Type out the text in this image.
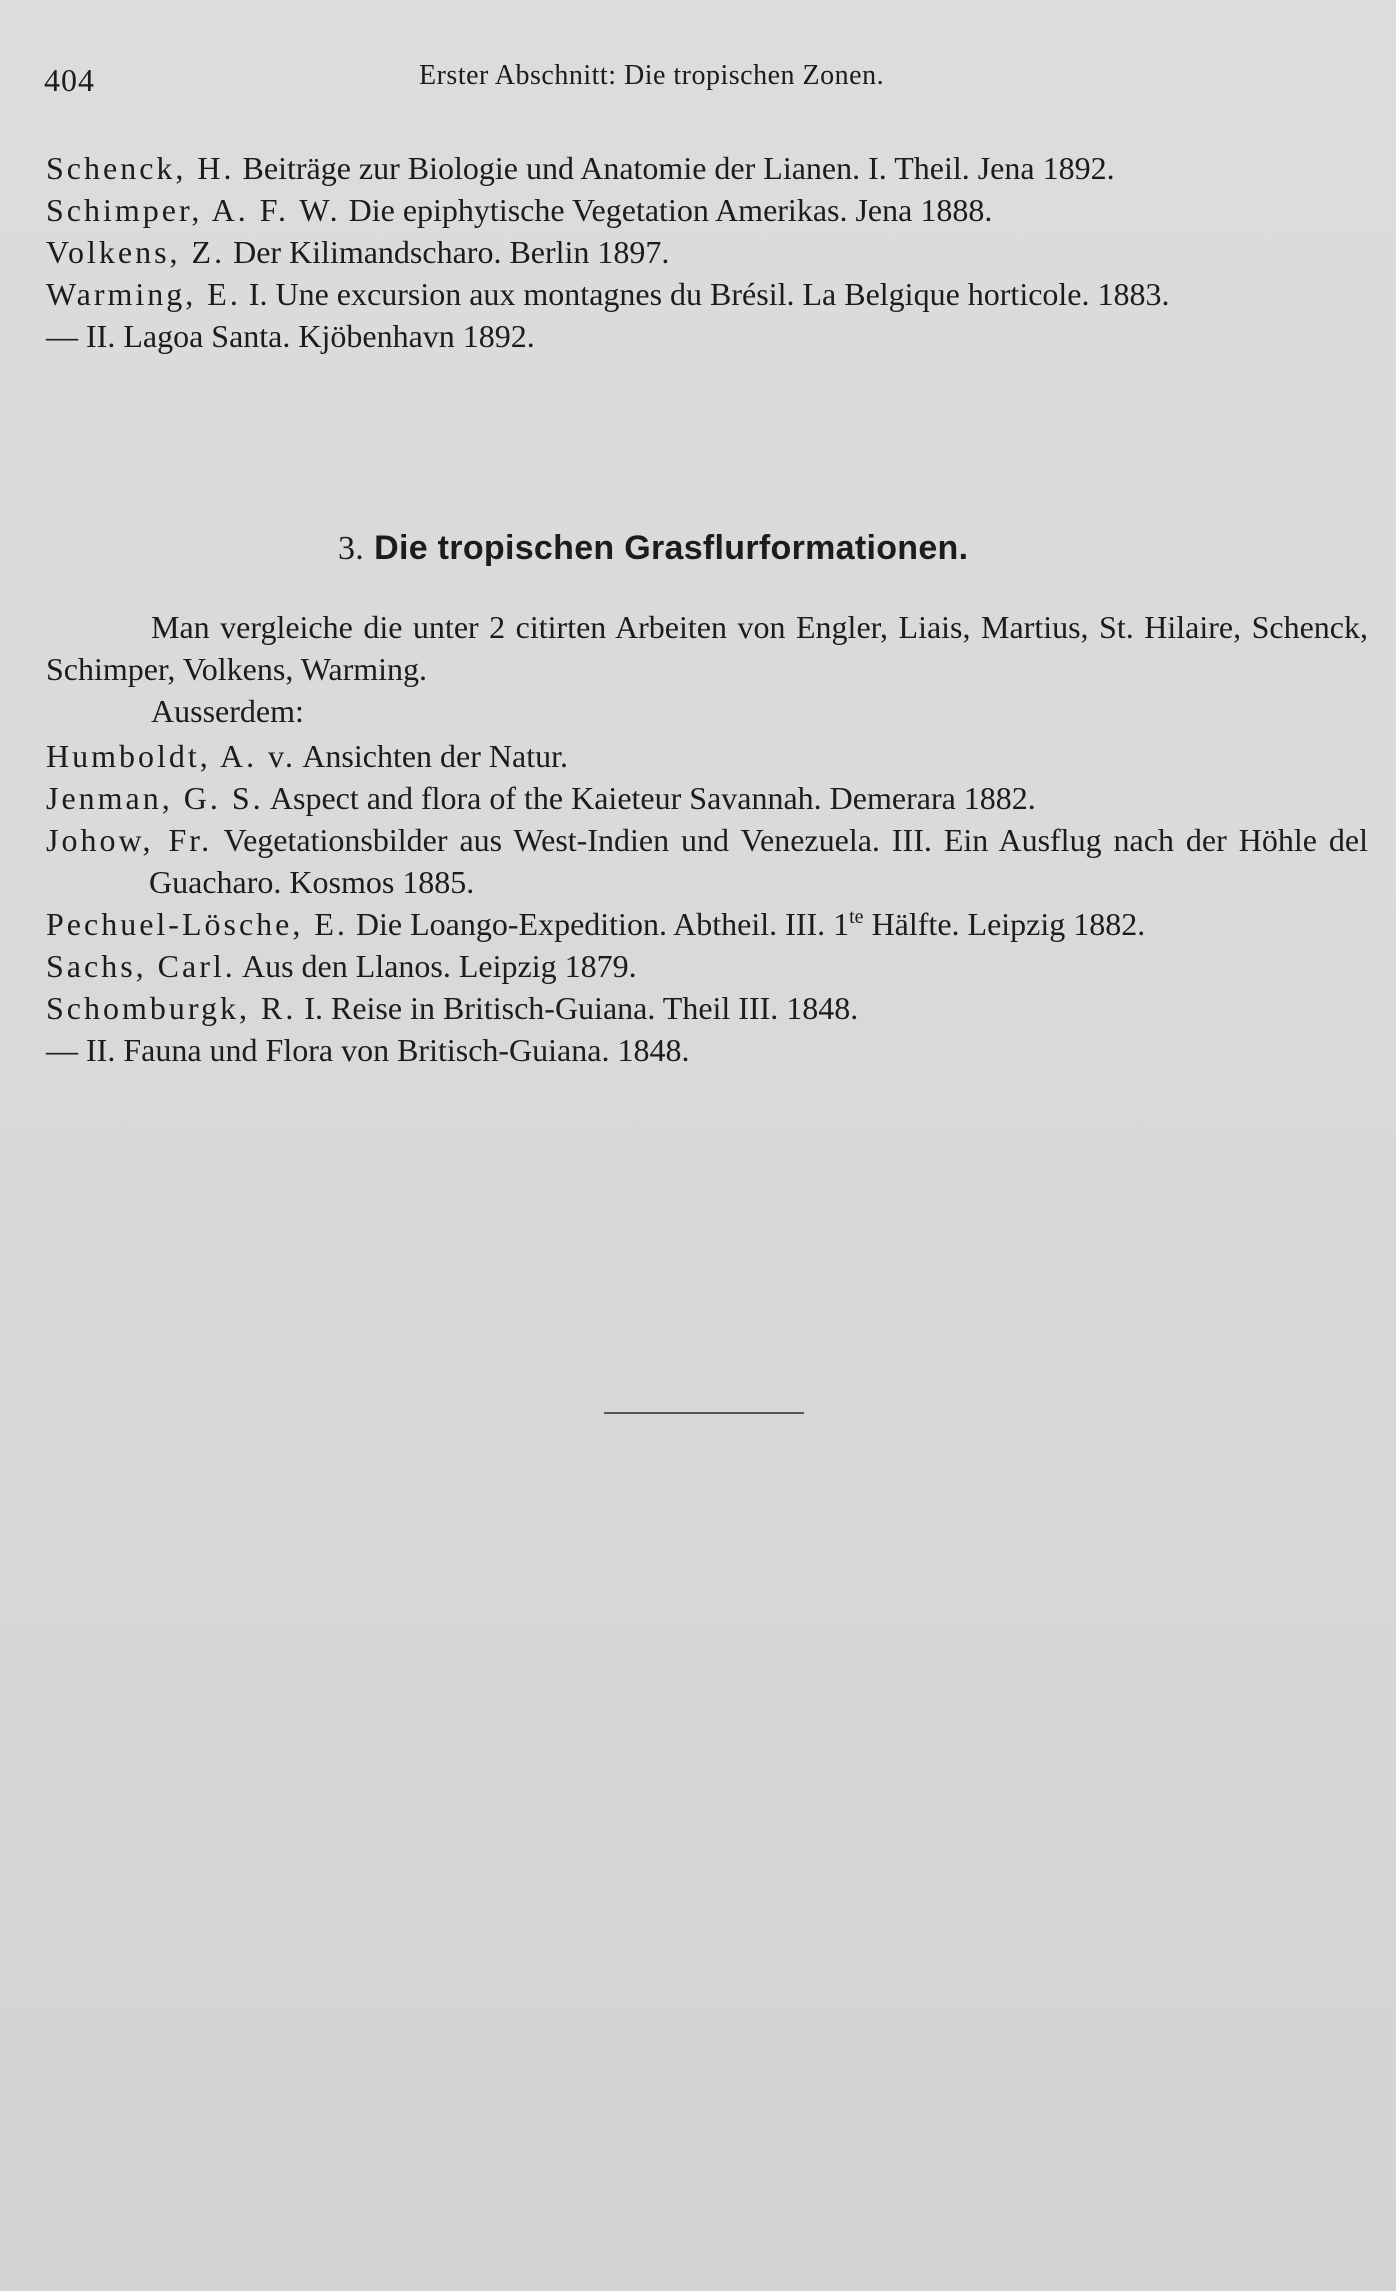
404	Erster Abschnitt: Die tropischen Zonen.
Schenck, H. Beiträge zur Biologie und Anatomie der Lianen. I. Theil. Jena 1892.
Schimper, A. F. W. Die epiphytische Vegetation Amerikas. Jena 1888.
Volkens, Z. Der Kilimandscharo. Berlin 1897.
Warming, E. I. Une excursion aux montagnes du Brésil. La Belgique horticole. 1883.
— II. Lagoa Santa. Kjöbenhavn 1892.
3. Die tropischen Grasflurformationen.
Man vergleiche die unter 2 citirten Arbeiten von Engler, Liais, Martius, St. Hilaire, Schenck, Schimper, Volkens, Warming.
Ausserdem:
Humboldt, A. v. Ansichten der Natur.
Jenman, G. S. Aspect and flora of the Kaieteur Savannah. Demerara 1882.
Johow, Fr. Vegetationsbilder aus West-Indien und Venezuela. III. Ein Ausflug nach der Höhle del Guacharo. Kosmos 1885.
Pechuel-Lösche, E. Die Loango-Expedition. Abtheil. III. $1^{te}$ Hälfte. Leipzig 1882.
Sachs, Carl. Aus den Llanos. Leipzig 1879.
Schomburgk, R. I. Reise in Britisch-Guiana. Theil III. 1848.
— II. Fauna und Flora von Britisch-Guiana. 1848.
